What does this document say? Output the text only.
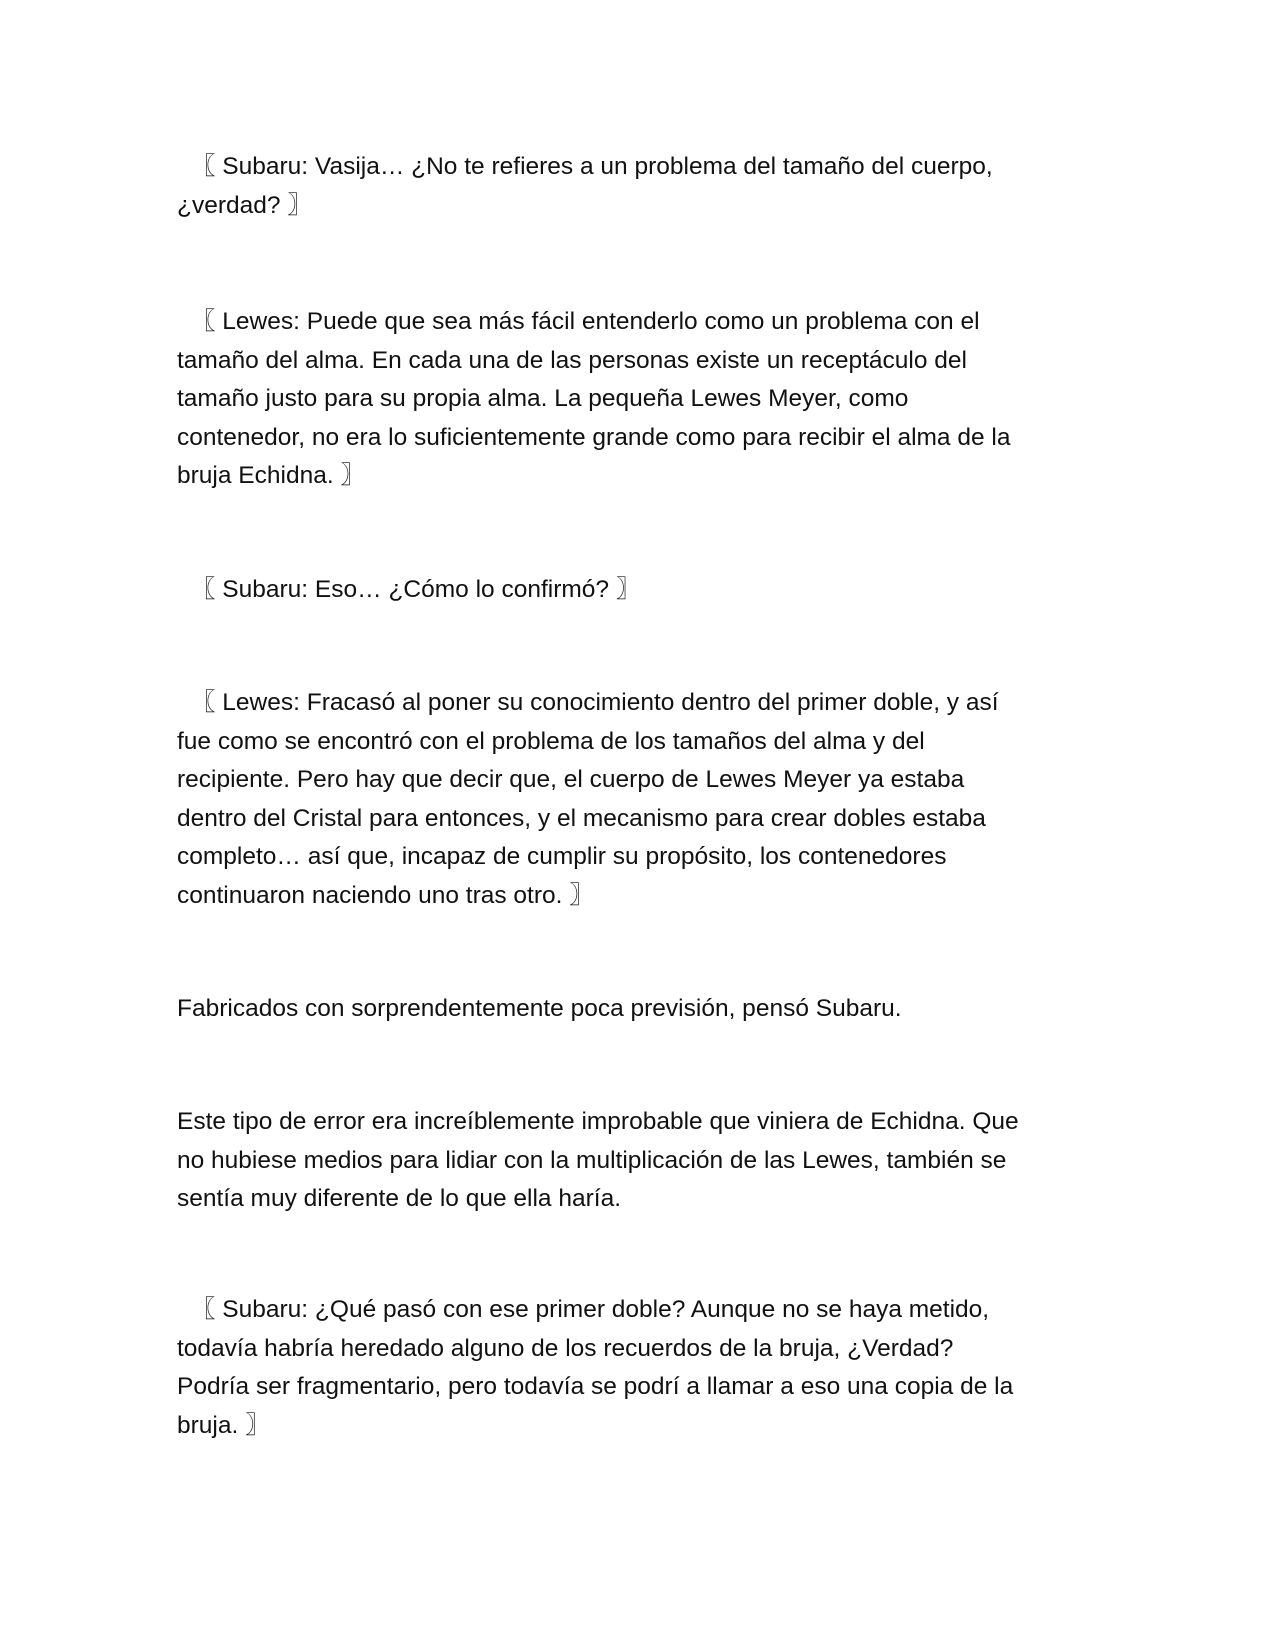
〖 Subaru: Vasija… ¿No te refieres a un problema del tamaño del cuerpo,
¿verdad? 〗
〖 Lewes: Puede que sea más fácil entenderlo como un problema con el
tamaño del alma. En cada una de las personas existe un receptáculo del
tamaño justo para su propia alma. La pequeña Lewes Meyer, como
contenedor, no era lo suficientemente grande como para recibir el alma de la
bruja Echidna. 〗
〖 Subaru: Eso… ¿Cómo lo confirmó? 〗
〖 Lewes: Fracasó al poner su conocimiento dentro del primer doble, y así
fue como se encontró con el problema de los tamaños del alma y del
recipiente. Pero hay que decir que, el cuerpo de Lewes Meyer ya estaba
dentro del Cristal para entonces, y el mecanismo para crear dobles estaba
completo… así que, incapaz de cumplir su propósito, los contenedores
continuaron naciendo uno tras otro. 〗
Fabricados con sorprendentemente poca previsión, pensó Subaru.
Este tipo de error era increíblemente improbable que viniera de Echidna. Que
no hubiese medios para lidiar con la multiplicación de las Lewes, también se
sentía muy diferente de lo que ella haría.
〖 Subaru: ¿Qué pasó con ese primer doble? Aunque no se haya metido,
todavía habría heredado alguno de los recuerdos de la bruja, ¿Verdad?
Podría ser fragmentario, pero todavía se podrí a llamar a eso una copia de la
bruja. 〗
